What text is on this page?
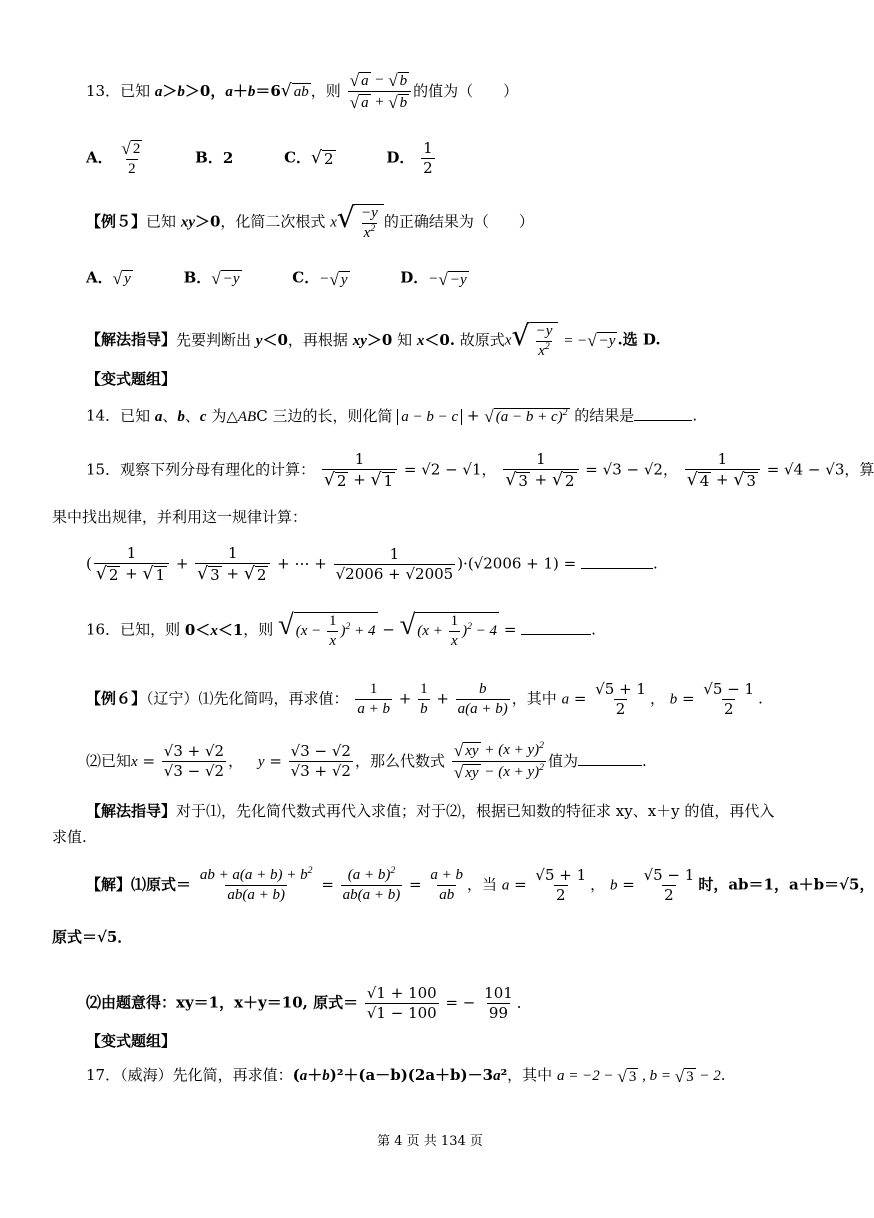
13．已知 a＞b＞0，a＋b＝6 √ ab ，则 $\frac{√ a - √ b}{√ a + √ b}$ 的值为（　　）
A． $\frac{√ 2}{2}$	B．2	C． √ 2	D． $\frac{1}{2}$
【例５】已知 xy＞0，化简二次根式 x √ $\frac{-y}{x^2}$ 的正确结果为（　　）
A． √ y	B． √ −y	C．− √ y	D．− √ −y
【解法指导】先要判断出 y＜0，再根据 xy＞0 知 x＜0. 故原式x √ $\frac{-y}{x^2}$ = − √ −y .选 D.
【变式题组】
14．已知 a、b、c 为△ABC 三边的长，则化简 a − b − c + √ $(a - b + c)^2$ 的结果是	.
15．观察下列分母有理化的计算： $\frac{1}{√ 2 + √ 1} = √2 - √1$， $\frac{1}{√ 3 + √ 2} = √3 - √2$， $\frac{1}{√ 4 + √ 3} = √4 - √3$，算
果中找出规律，并利用这一规律计算：
( $\frac{1}{√ 2 + √ 1} + \frac{1}{√ 3 + √ 2}$ + ⋯ + $\frac{1}{√2006 + √2005} )\cdot(√2006 + 1)$ =	.
16．已知，则 0＜x＜1，则 √ $(x - \frac{1}{x} )^2 + 4$ − √ $(x + \frac{1}{x} )^2 - 4$ =	.
【例６】（辽宁）⑴先化简吗，再求值： $\frac{1}{a + b} + \frac{1}{b} + \frac{b}{a(a + b)}$ ，其中 $a = \frac{√5 + 1}{2}$ ， $b = \frac{√5 - 1}{2}$ .
⑵已知$x = \frac{√3 + √2}{√3 - √2}$ ， $y = \frac{√3 - √2}{√3 + √2}$ ，那么代数式 $\frac{√ xy + (x + y)^2}{√ xy - (x + y)^2}$ 值为	.
【解法指导】对于⑴，先化简代数式再代入求值；对于⑵，根据已知数的特征求 xy、x＋y 的值，再代入
求值.
【解】⑴原式＝ $\frac{ab + a(a + b) + b^2}{ab(a + b)} = \frac{(a + b)^2}{ab(a + b)} = \frac{a + b}{ab}$ ，当 $a = \frac{√5 + 1}{2}$ ， $b = \frac{√5 - 1}{2}$ 时，ab＝1，a＋b＝√5，
原式＝√5．
⑵由题意得：xy＝1，x＋y＝10, 原式＝ $\frac{√1 + 100}{√1 - 100}$ = − $\frac{101}{99}$ ．
【变式题组】
17．（威海）先化简，再求值：(a＋b)²＋(a－b)(2a＋b)－3a²，其中 a = −2 − √ 3 , b = √ 3 − 2.
第 4 页 共 134 页
